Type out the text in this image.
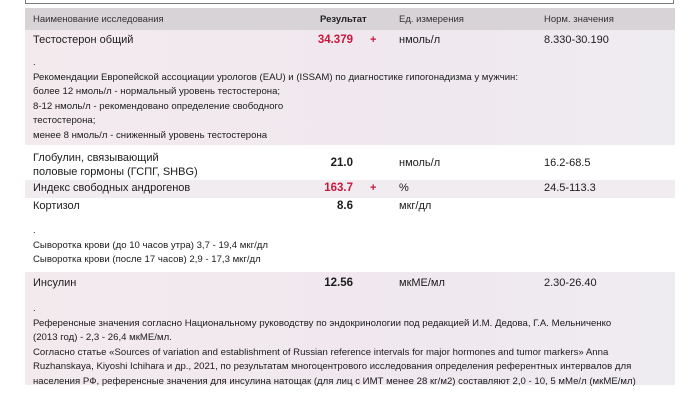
Наименование исследования	Результат	Ед. измерения	Норм. значения
Тестостерон общий	34.379 + нмоль/л	8.330-30.190
.
Рекомендации Европейской ассоциации урологов (EAU) и (ISSAM) по диагностике гипогонадизма у мужчин:
более 12 нмоль/л - нормальный уровень тестостерона;
8-12 нмоль/л - рекомендовано определение свободного
тестостерона;
менее 8 нмоль/л - сниженный уровень тестостерона
Глобулин, связывающий
половые гормоны (ГСПГ, SHBG)
21.0	нмоль/л	16.2-68.5
Индекс свободных андрогенов	163.7 + %	24.5-113.3
Кортизол	8.6	мкг/дл
.
Сыворотка крови (до 10 часов утра) 3,7 - 19,4 мкг/дл
Сыворотка крови (после 17 часов) 2,9 - 17,3 мкг/дл
Инсулин	12.56	мкМЕ/мл	2.30-26.40
.
Референсные значения согласно Национальному руководству по эндокринологии под редакцией И.М. Дедова, Г.А. Мельниченко
(2013 год) - 2,3 - 26,4 мкМЕ/мл.
Согласно статье «Sources of variation and establishment of Russian reference intervals for major hormones and tumor markers» Anna
Ruzhanskaya, Kiyoshi Ichihara и др., 2021, по результатам многоцентрового исследования определения референтных интервалов для
населения РФ, референсные значения для инсулина натощак (для лиц с ИМТ менее 28 кг/м2) составляют 2,0 - 10, 5 мМе/л (мкМЕ/мл)
